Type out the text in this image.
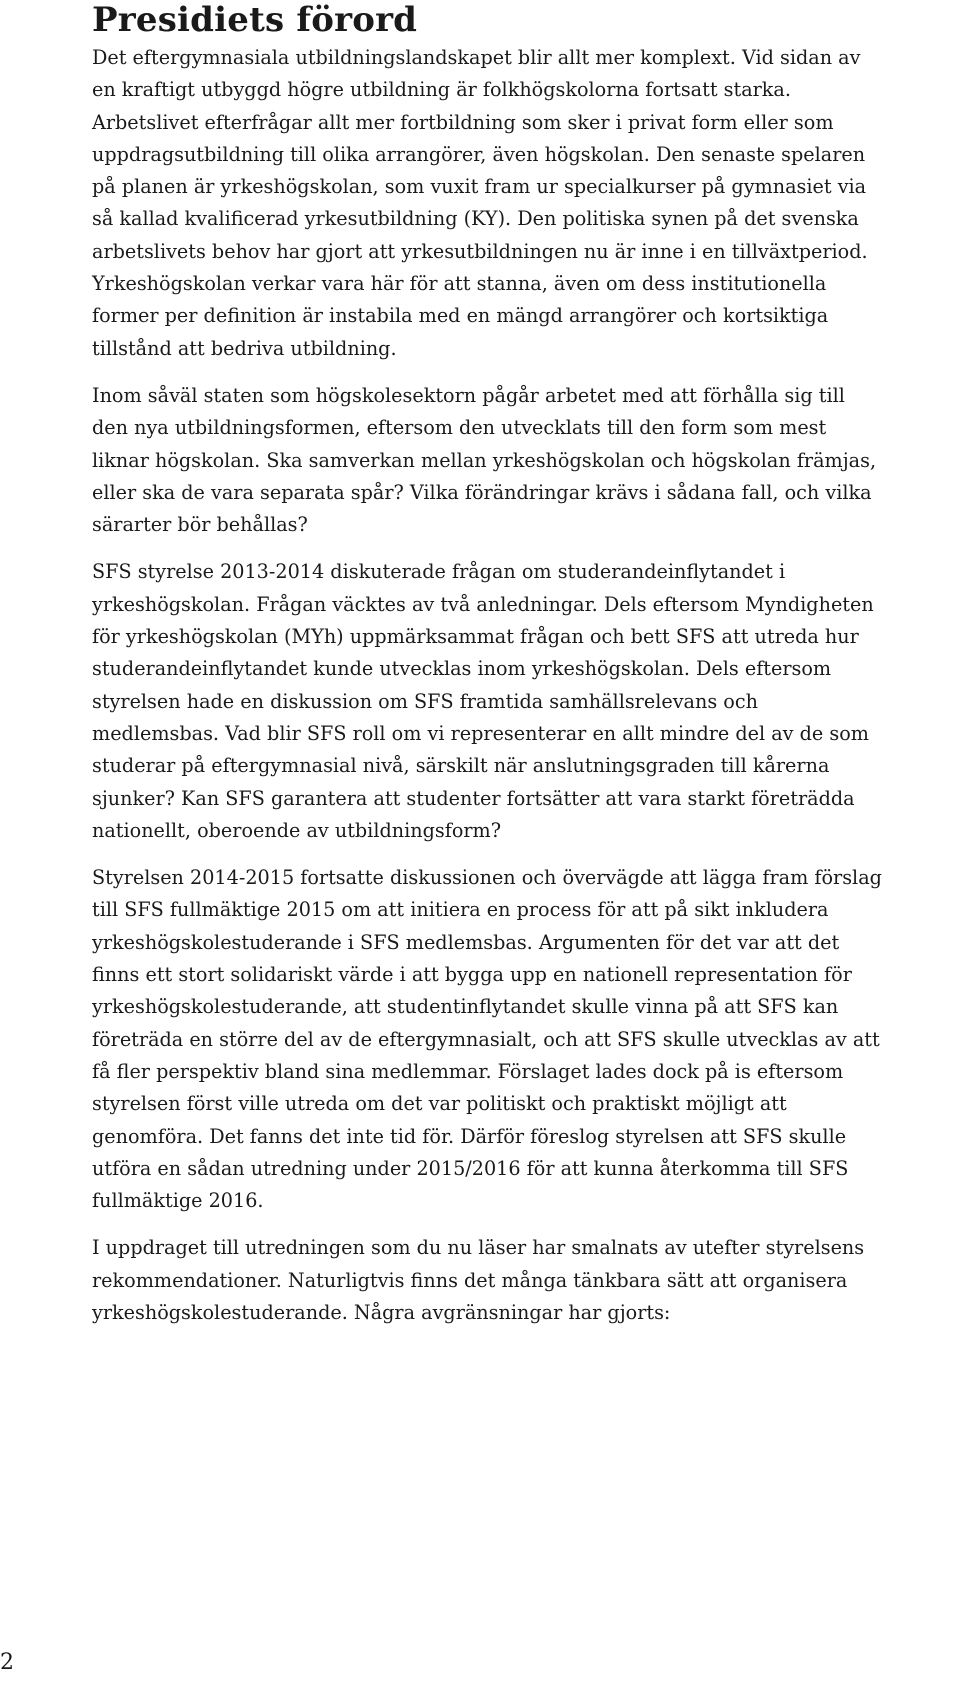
Presidiets förord

Det eftergymnasiala utbildningslandskapet blir allt mer komplext. Vid sidan av en kraftigt utbyggd högre utbildning är folkhögskolorna fortsatt starka. Arbetslivet efterfrågar allt mer fortbildning som sker i privat form eller som uppdragsutbildning till olika arrangörer, även högskolan. Den senaste spelaren på planen är yrkeshögskolan, som vuxit fram ur specialkurser på gymnasiet via så kallad kvalificerad yrkesutbildning (KY). Den politiska synen på det svenska arbetslivets behov har gjort att yrkesutbildningen nu är inne i en tillväxtperiod. Yrkeshögskolan verkar vara här för att stanna, även om dess institutionella former per definition är instabila med en mängd arrangörer och kortsiktiga tillstånd att bedriva utbildning.

Inom såväl staten som högskolesektorn pågår arbetet med att förhålla sig till den nya utbildningsformen, eftersom den utvecklats till den form som mest liknar högskolan. Ska samverkan mellan yrkeshögskolan och högskolan främjas, eller ska de vara separata spår? Vilka förändringar krävs i sådana fall, och vilka särarter bör behållas?

SFS styrelse 2013-2014 diskuterade frågan om studerandeinflytandet i yrkeshögskolan. Frågan väcktes av två anledningar. Dels eftersom Myndigheten för yrkeshögskolan (MYh) uppmärksammat frågan och bett SFS att utreda hur studerandeinflytandet kunde utvecklas inom yrkeshögskolan. Dels eftersom styrelsen hade en diskussion om SFS framtida samhällsrelevans och medlemsbas. Vad blir SFS roll om vi representerar en allt mindre del av de som studerar på eftergymnasial nivå, särskilt när anslutningsgraden till kårerna sjunker? Kan SFS garantera att studenter fortsätter att vara starkt företrädda nationellt, oberoende av utbildningsform?

Styrelsen 2014-2015 fortsatte diskussionen och övervägde att lägga fram förslag till SFS fullmäktige 2015 om att initiera en process för att på sikt inkludera yrkeshögskolestuderande i SFS medlemsbas. Argumenten för det var att det finns ett stort solidariskt värde i att bygga upp en nationell representation för yrkeshögskolestuderande, att studentinflytandet skulle vinna på att SFS kan företräda en större del av de eftergymnasialt, och att SFS skulle utvecklas av att få fler perspektiv bland sina medlemmar. Förslaget lades dock på is eftersom styrelsen först ville utreda om det var politiskt och praktiskt möjligt att genomföra. Det fanns det inte tid för. Därför föreslog styrelsen att SFS skulle utföra en sådan utredning under 2015/2016 för att kunna återkomma till SFS fullmäktige 2016.

I uppdraget till utredningen som du nu läser har smalnats av utefter styrelsens rekommendationer. Naturligtvis finns det många tänkbara sätt att organisera yrkeshögskolestuderande. Några avgränsningar har gjorts:

2
